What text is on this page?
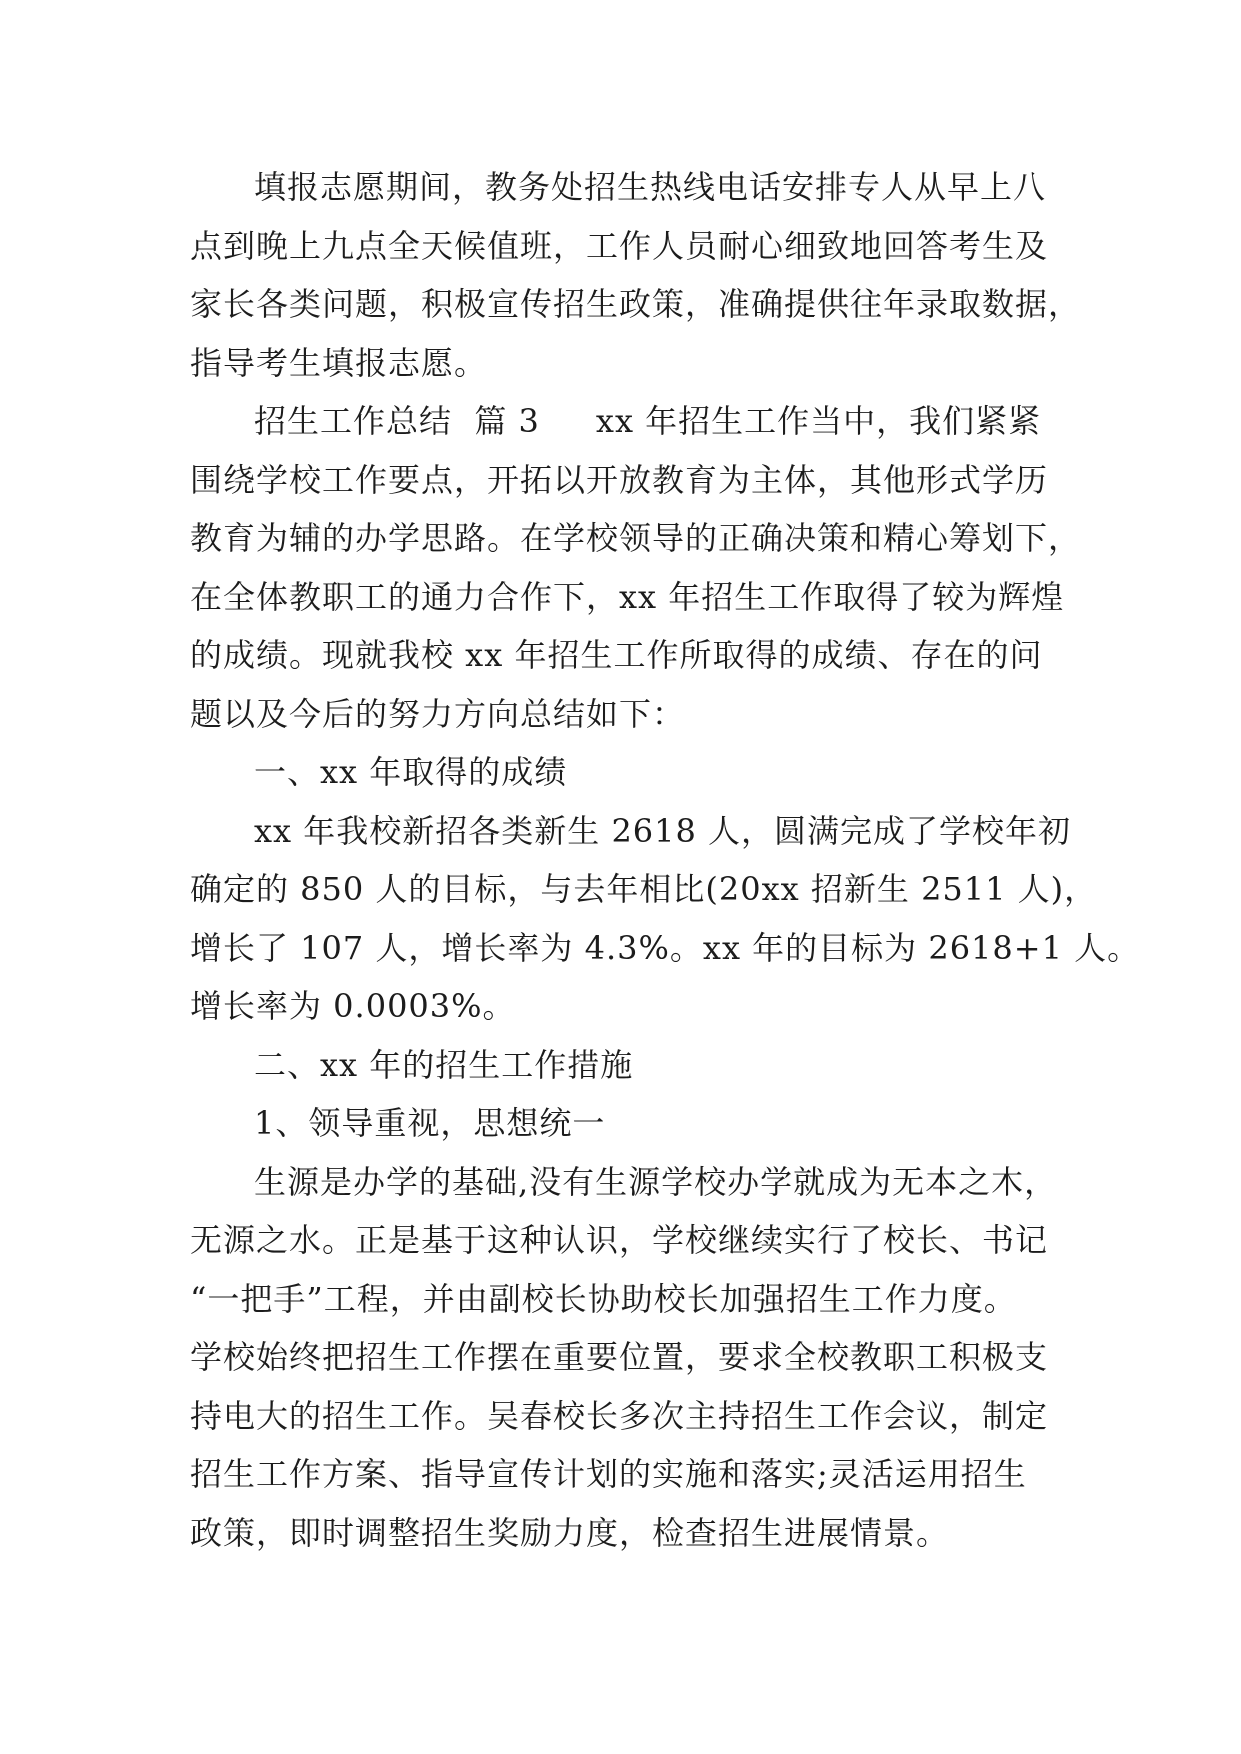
填报志愿期间，教务处招生热线电话安排专人从早上八
点到晚上九点全天候值班，工作人员耐心细致地回答考生及
家长各类问题，积极宣传招生政策，准确提供往年录取数据，
指导考生填报志愿。
招生工作总结  篇 3 xx 年招生工作当中，我们紧紧
围绕学校工作要点，开拓以开放教育为主体，其他形式学历
教育为辅的办学思路。在学校领导的正确决策和精心筹划下，
在全体教职工的通力合作下，xx 年招生工作取得了较为辉煌
的成绩。现就我校 xx 年招生工作所取得的成绩、存在的问
题以及今后的努力方向总结如下：
一、xx 年取得的成绩
xx 年我校新招各类新生 2618 人，圆满完成了学校年初
确定的 850 人的目标，与去年相比(20xx 招新生 2511 人)，
增长了 107 人，增长率为 4.3%。xx 年的目标为 2618+1 人。
增长率为 0.0003%。
二、xx 年的招生工作措施
1、领导重视，思想统一
生源是办学的基础,没有生源学校办学就成为无本之木，
无源之水。正是基于这种认识，学校继续实行了校长、书记
“一把手”工程，并由副校长协助校长加强招生工作力度。
学校始终把招生工作摆在重要位置，要求全校教职工积极支
持电大的招生工作。吴春校长多次主持招生工作会议，制定
招生工作方案、指导宣传计划的实施和落实;灵活运用招生
政策，即时调整招生奖励力度，检查招生进展情景。
